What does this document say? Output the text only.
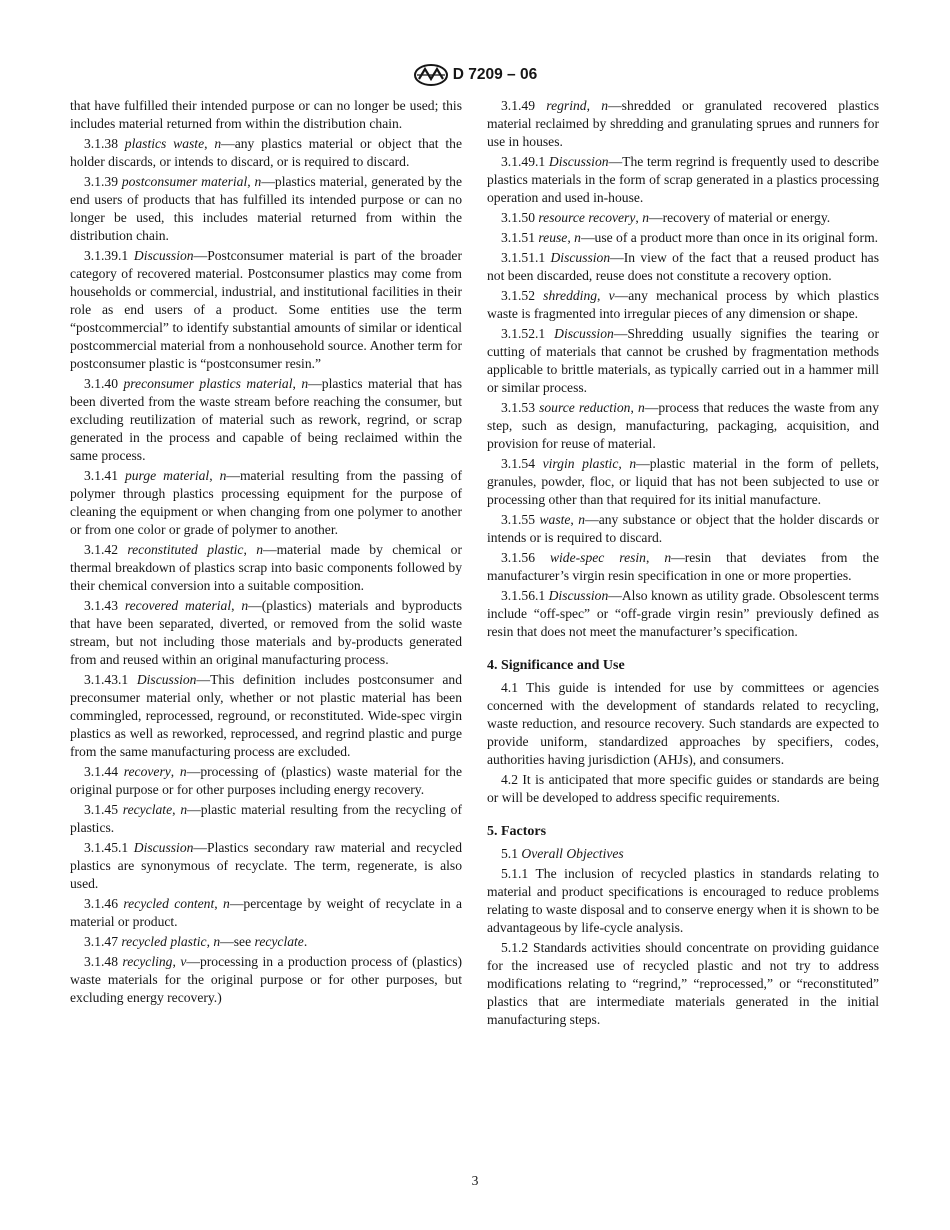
D 7209 – 06

that have fulfilled their intended purpose or can no longer be used; this includes material returned from within the distribution chain.

3.1.38 plastics waste, n—any plastics material or object that the holder discards, or intends to discard, or is required to discard.

3.1.39 postconsumer material, n—plastics material, generated by the end users of products that has fulfilled its intended purpose or can no longer be used, this includes material returned from within the distribution chain.

3.1.39.1 Discussion—Postconsumer material is part of the broader category of recovered material. Postconsumer plastics may come from households or commercial, industrial, and institutional facilities in their role as end users of a product. Some entities use the term “postcommercial” to identify substantial amounts of similar or identical postcommercial material from a nonhousehold source. Another term for postconsumer plastic is “postconsumer resin.”

3.1.40 preconsumer plastics material, n—plastics material that has been diverted from the waste stream before reaching the consumer, but excluding reutilization of material such as rework, regrind, or scrap generated in the process and capable of being reclaimed within the same process.

3.1.41 purge material, n—material resulting from the passing of polymer through plastics processing equipment for the purpose of cleaning the equipment or when changing from one polymer to another or from one color or grade of polymer to another.

3.1.42 reconstituted plastic, n—material made by chemical or thermal breakdown of plastics scrap into basic components followed by their chemical conversion into a suitable composition.

3.1.43 recovered material, n—(plastics) materials and byproducts that have been separated, diverted, or removed from the solid waste stream, but not including those materials and by-products generated from and reused within an original manufacturing process.

3.1.43.1 Discussion—This definition includes postconsumer and preconsumer material only, whether or not plastic material has been commingled, reprocessed, reground, or reconstituted. Wide-spec virgin plastics as well as reworked, reprocessed, and regrind plastic and purge from the same manufacturing process are excluded.

3.1.44 recovery, n—processing of (plastics) waste material for the original purpose or for other purposes including energy recovery.

3.1.45 recyclate, n—plastic material resulting from the recycling of plastics.

3.1.45.1 Discussion—Plastics secondary raw material and recycled plastics are synonymous of recyclate. The term, regenerate, is also used.

3.1.46 recycled content, n—percentage by weight of recyclate in a material or product.

3.1.47 recycled plastic, n—see recyclate.

3.1.48 recycling, v—processing in a production process of (plastics) waste materials for the original purpose or for other purposes, but excluding energy recovery.)

3.1.49 regrind, n—shredded or granulated recovered plastics material reclaimed by shredding and granulating sprues and runners for use in houses.

3.1.49.1 Discussion—The term regrind is frequently used to describe plastics materials in the form of scrap generated in a plastics processing operation and used in-house.

3.1.50 resource recovery, n—recovery of material or energy.

3.1.51 reuse, n—use of a product more than once in its original form.

3.1.51.1 Discussion—In view of the fact that a reused product has not been discarded, reuse does not constitute a recovery option.

3.1.52 shredding, v—any mechanical process by which plastics waste is fragmented into irregular pieces of any dimension or shape.

3.1.52.1 Discussion—Shredding usually signifies the tearing or cutting of materials that cannot be crushed by fragmentation methods applicable to brittle materials, as typically carried out in a hammer mill or similar process.

3.1.53 source reduction, n—process that reduces the waste from any step, such as design, manufacturing, packaging, acquisition, and provision for reuse of material.

3.1.54 virgin plastic, n—plastic material in the form of pellets, granules, powder, floc, or liquid that has not been subjected to use or processing other than that required for its initial manufacture.

3.1.55 waste, n—any substance or object that the holder discards or intends or is required to discard.

3.1.56 wide-spec resin, n—resin that deviates from the manufacturer’s virgin resin specification in one or more properties.

3.1.56.1 Discussion—Also known as utility grade. Obsolescent terms include “off-spec” or “off-grade virgin resin” previously defined as resin that does not meet the manufacturer’s specification.

4. Significance and Use

4.1 This guide is intended for use by committees or agencies concerned with the development of standards related to recycling, waste reduction, and resource recovery. Such standards are expected to provide uniform, standardized approaches by specifiers, codes, authorities having jurisdiction (AHJs), and consumers.

4.2 It is anticipated that more specific guides or standards are being or will be developed to address specific requirements.

5. Factors

5.1 Overall Objectives

5.1.1 The inclusion of recycled plastics in standards relating to material and product specifications is encouraged to reduce problems relating to waste disposal and to conserve energy when it is shown to be advantageous by life-cycle analysis.

5.1.2 Standards activities should concentrate on providing guidance for the increased use of recycled plastic and not try to address modifications relating to “regrind,” “reprocessed,” or “reconstituted” plastics that are intermediate materials generated in the initial manufacturing steps.

3
